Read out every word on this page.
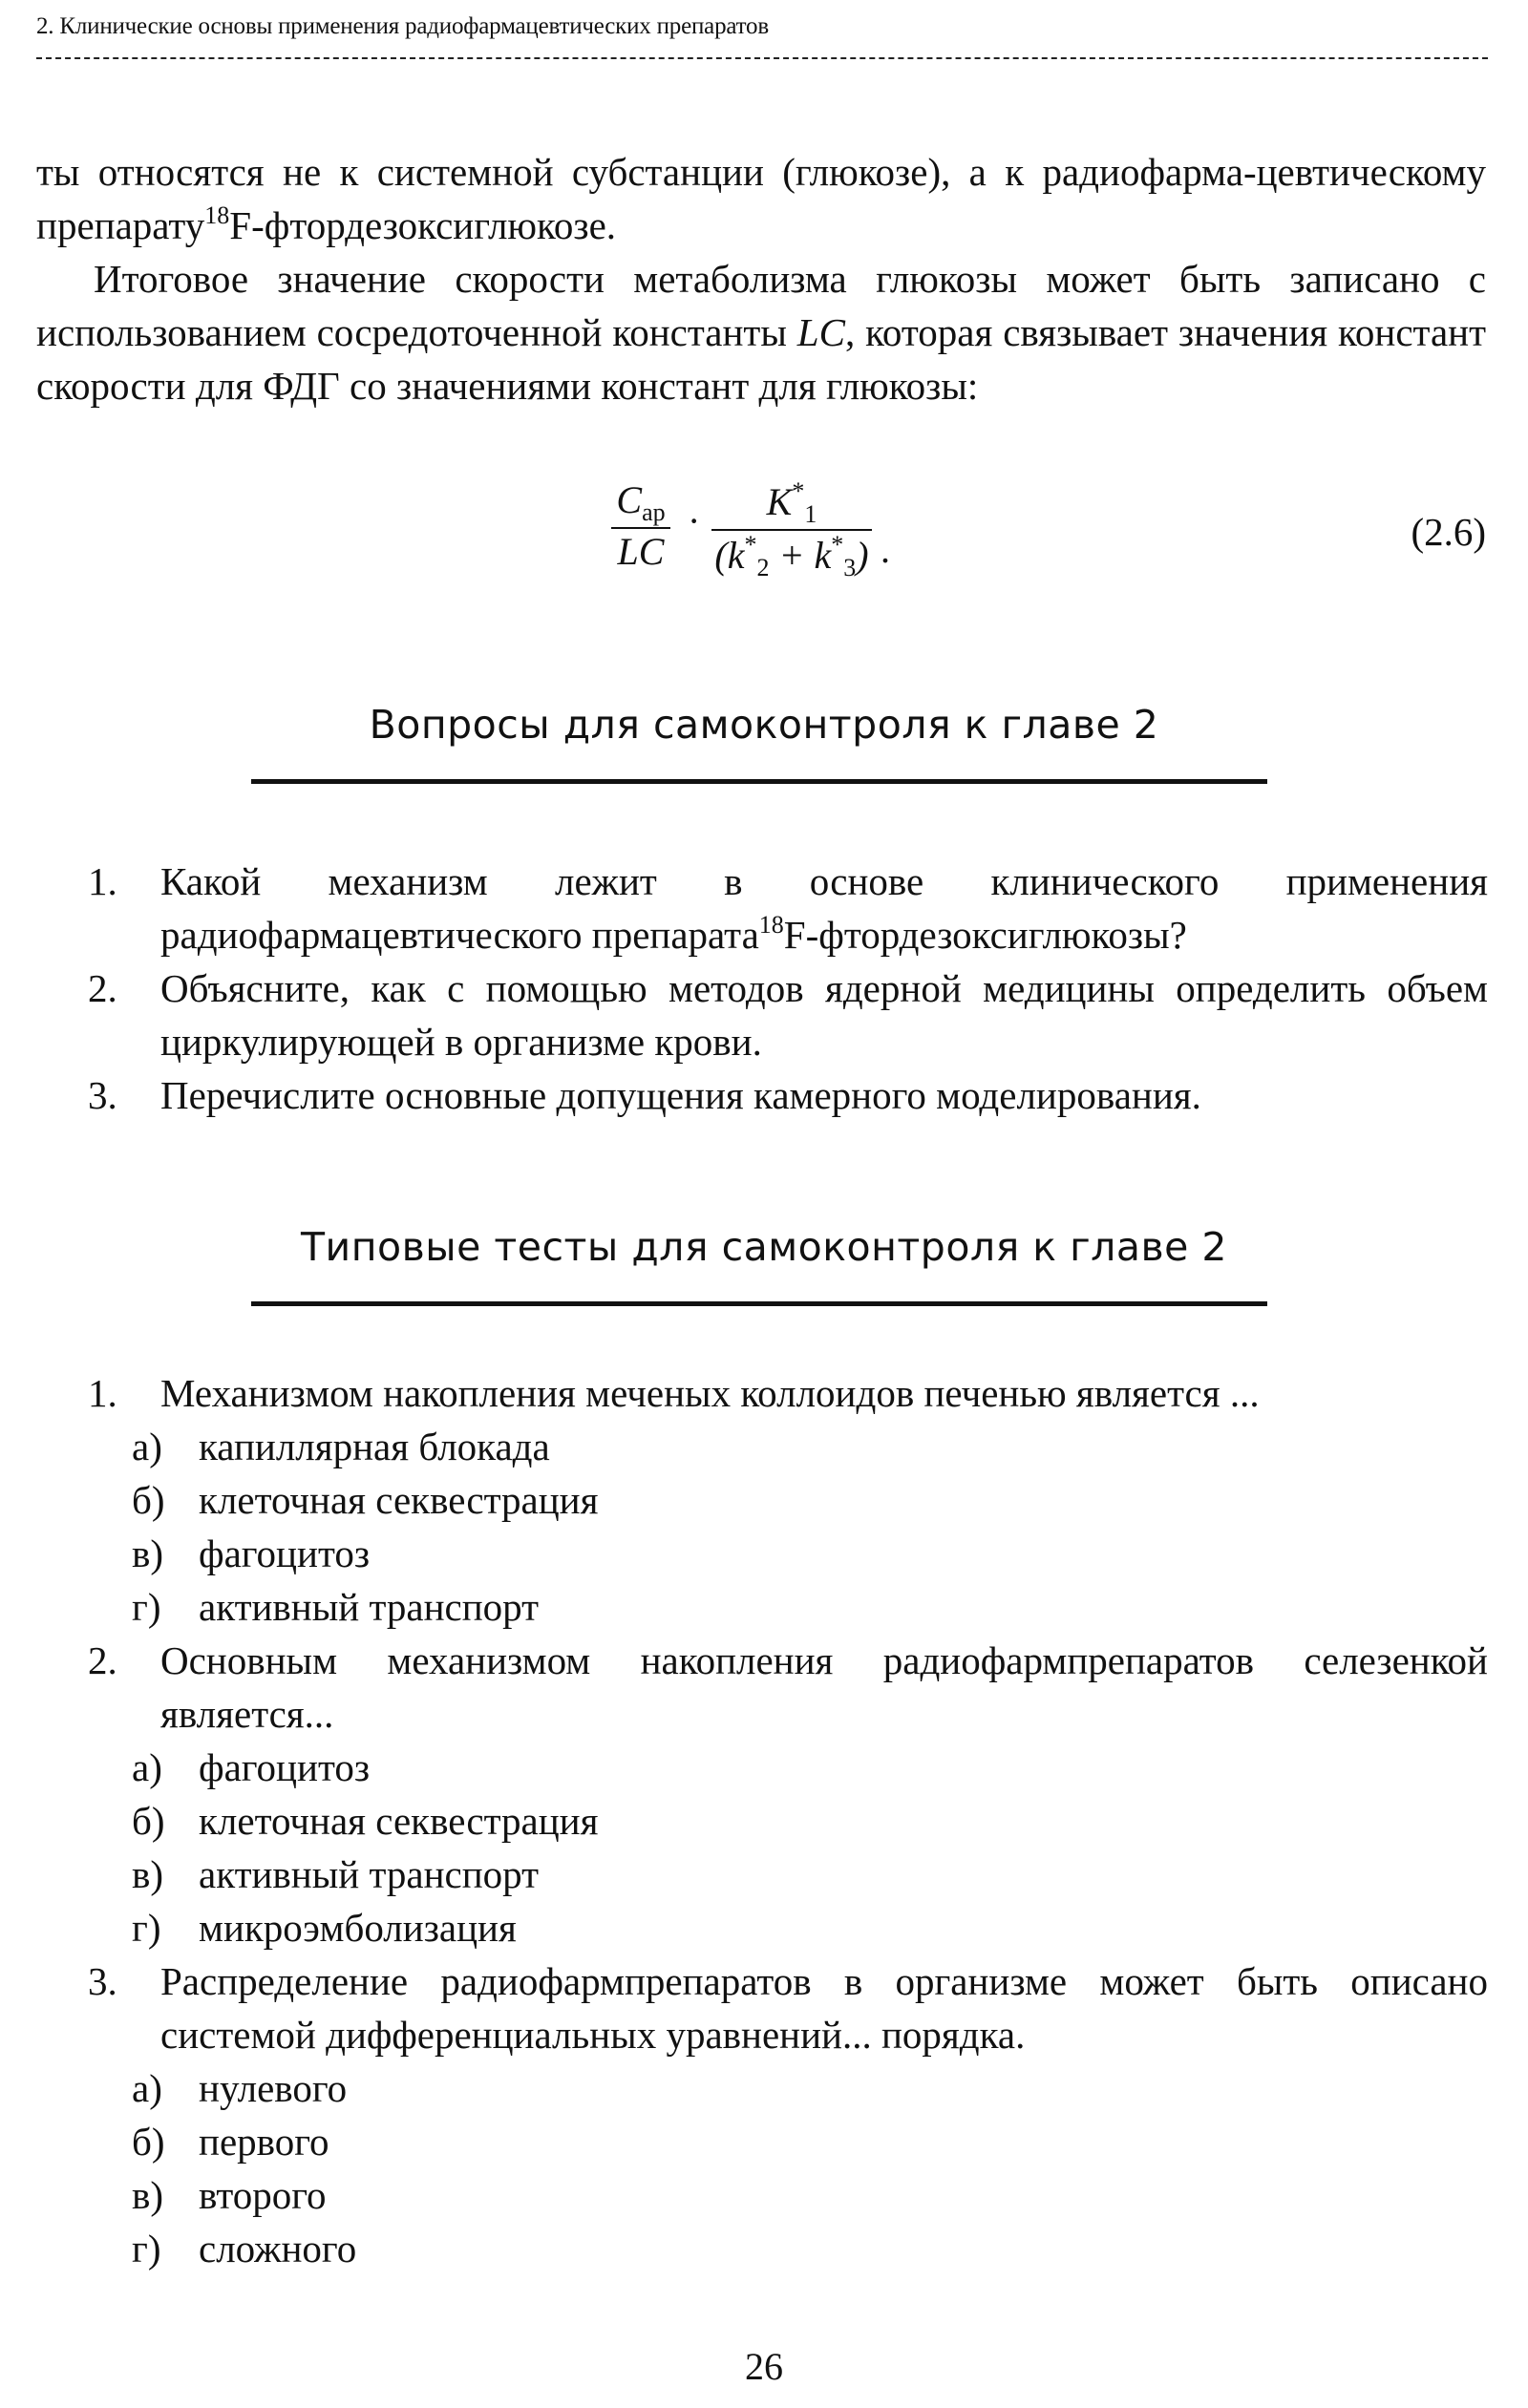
2. Клинические основы применения радиофармацевтических препаратов

ты относятся не к системной субстанции (глюкозе), а к радиофарма-цевтическому препарату$^{18}$F-фтордезоксиглюкозе.

Итоговое значение скорости метаболизма глюкозы может быть записано с использованием сосредоточенной константы LC, которая связывает значения констант скорости для ФДГ со значениями констант для глюкозы:

$C_{ар}$
LC
· $\frac{K^*_1}{(k^*_2 + k^*_3)}$ .	(2.6)
Вопросы для самоконтроля к главе 2
1. Какой механизм лежит в основе клинического применения радиофармацевтического препарата$^{18}$F-фтордезоксиглюкозы?
2. Объясните, как с помощью методов ядерной медицины определить объем циркулирующей в организме крови.
3. Перечислите основные допущения камерного моделирования.
Типовые тесты для самоконтроля к главе 2
1. Механизмом накопления меченых коллоидов печенью является ...
а) капиллярная блокада
б) клеточная секвестрация
в) фагоцитоз
г) активный транспорт
2. Основным механизмом накопления радиофармпрепаратов селезенкой является...
а) фагоцитоз
б) клеточная секвестрация
в) активный транспорт
г) микроэмболизация
3. Распределение радиофармпрепаратов в организме может быть описано системой дифференциальных уравнений... порядка.
а) нулевого
б) первого
в) второго
г) сложного
26
